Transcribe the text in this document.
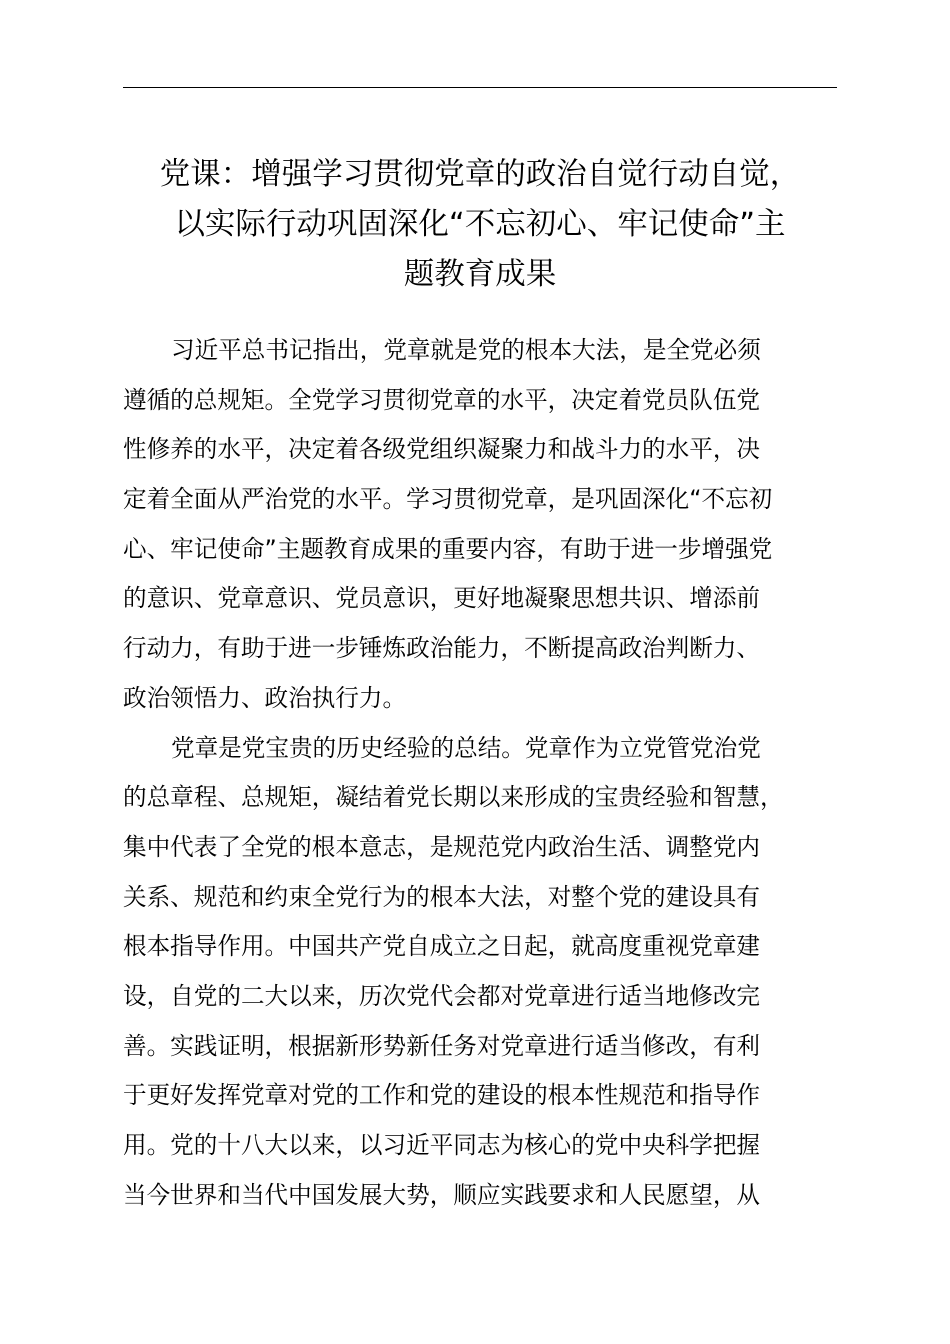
党课：增强学习贯彻党章的政治自觉行动自觉，
以实际行动巩固深化“不忘初心、牢记使命”主
题教育成果
习近平总书记指出，党章就是党的根本大法，是全党必须
遵循的总规矩。全党学习贯彻党章的水平，决定着党员队伍党
性修养的水平，决定着各级党组织凝聚力和战斗力的水平，决
定着全面从严治党的水平。学习贯彻党章，是巩固深化“不忘初
心、牢记使命”主题教育成果的重要内容，有助于进一步增强党
的意识、党章意识、党员意识，更好地凝聚思想共识、增添前
行动力，有助于进一步锤炼政治能力，不断提高政治判断力、
政治领悟力、政治执行力。
党章是党宝贵的历史经验的总结。党章作为立党管党治党
的总章程、总规矩，凝结着党长期以来形成的宝贵经验和智慧，
集中代表了全党的根本意志，是规范党内政治生活、调整党内
关系、规范和约束全党行为的根本大法，对整个党的建设具有
根本指导作用。中国共产党自成立之日起，就高度重视党章建
设，自党的二大以来，历次党代会都对党章进行适当地修改完
善。实践证明，根据新形势新任务对党章进行适当修改，有利
于更好发挥党章对党的工作和党的建设的根本性规范和指导作
用。党的十八大以来，以习近平同志为核心的党中央科学把握
当今世界和当代中国发展大势，顺应实践要求和人民愿望，从
